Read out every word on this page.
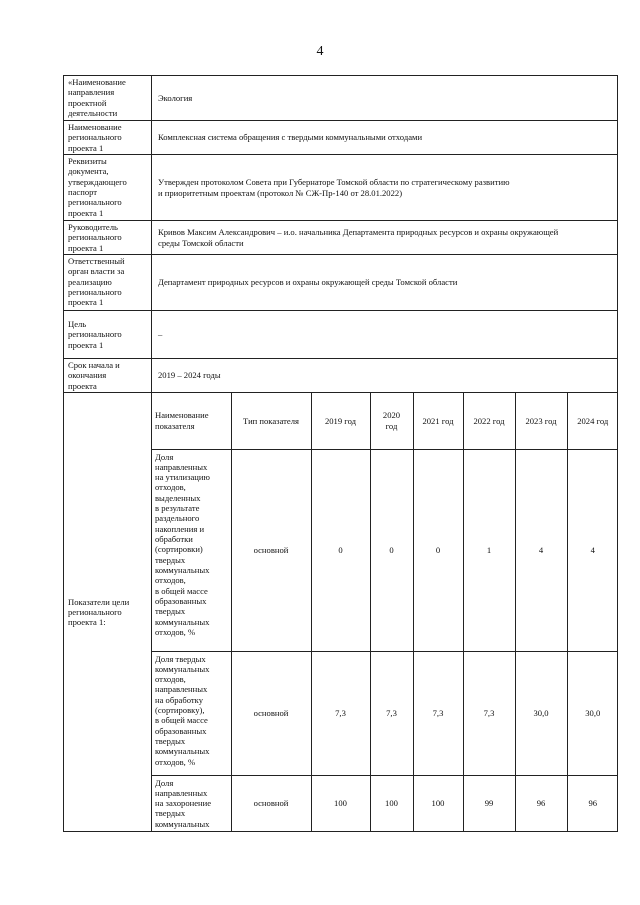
4
«Наименование
направления
проектной
деятельности	Экология
Наименование
регионального
проекта 1	Комплексная система обращения с твердыми коммунальными отходами
Реквизиты
документа,
утверждающего
паспорт
регионального
проекта 1	Утвержден протоколом Совета при Губернаторе Томской области по стратегическому развитию
и приоритетным проектам (протокол № СЖ-Пр-140 от 28.01.2022)
Руководитель
регионального
проекта 1	Кривов Максим Александрович – и.о. начальника Департамента природных ресурсов и охраны окружающей
среды Томской области
Ответственный
орган власти за
реализацию
регионального
проекта 1	Департамент природных ресурсов и охраны окружающей среды Томской области
Цель
регионального
проекта 1	–
Срок начала и
окончания
проекта	2019 – 2024 годы
Показатели цели
регионального
проекта 1:	
Наименование
показателя	Тип показателя	2019 год	2020
год	2021 год	2022 год	2023 год	2024 год
Доля
направленных
на утилизацию
отходов,
выделенных
в результате
раздельного
накопления и
обработки
(сортировки)
твердых
коммунальных
отходов,
в общей массе
образованных
твердых
коммунальных
отходов, %	основной	0	0	0	1	4	4
Доля твердых
коммунальных
отходов,
направленных
на обработку
(сортировку),
в общей массе
образованных
твердых
коммунальных
отходов, %	основной	7,3	7,3	7,3	7,3	30,0	30,0
Доля
направленных
на захоронение
твердых
коммунальных	основной	100	100	100	99	96	96
